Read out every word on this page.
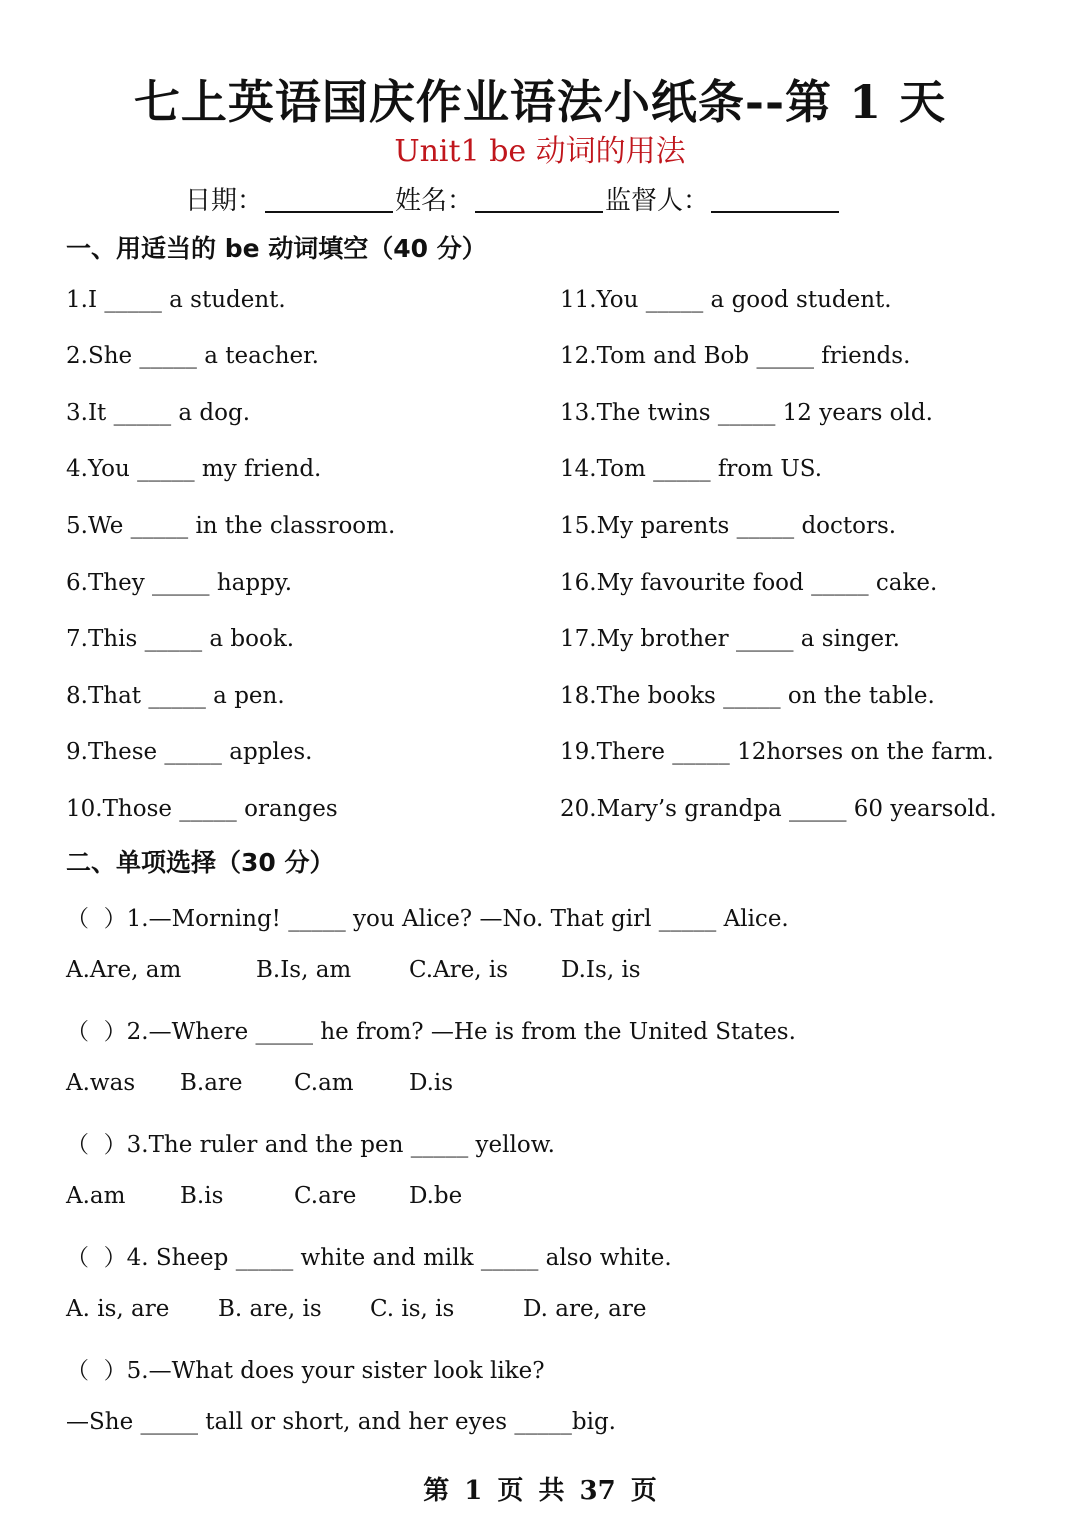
七上英语国庆作业语法小纸条--第 1 天
Unit1 be 动词的用法
日期：	姓名：	监督人：
一、用适当的 be 动词填空（40 分）
1.I _____ a student.
2.She _____ a teacher.
3.It _____ a dog.
4.You _____ my friend.
5.We _____ in the classroom.
6.They _____ happy.
7.This _____ a book.
8.That _____ a pen.
9.These _____ apples.
10.Those _____ oranges
11.You _____ a good student.
12.Tom and Bob _____ friends.
13.The twins _____ 12 years old.
14.Tom _____ from US.
15.My parents _____ doctors.
16.My favourite food _____ cake.
17.My brother _____ a singer.
18.The books _____ on the table.
19.There _____ 12horses on the farm.
20.Mary’s grandpa _____ 60 yearsold.
二、单项选择（30 分）
（  ）1.—Morning! _____ you Alice? —No. That girl _____ Alice.
A.Are, am	B.Is, am	C.Are, is D.Is, is
（  ）2.—Where _____ he from? —He is from the United States.
A.was B.are C.am D.is
（  ）3.The ruler and the pen _____ yellow.
A.am B.is	C.are D.be
（  ）4. Sheep _____ white and milk _____ also white.
A. is, are B. are, is C. is, is	D. are, are
（  ）5.—What does your sister look like?
—She _____ tall or short, and her eyes _____big.
第 1 页 共 37 页
